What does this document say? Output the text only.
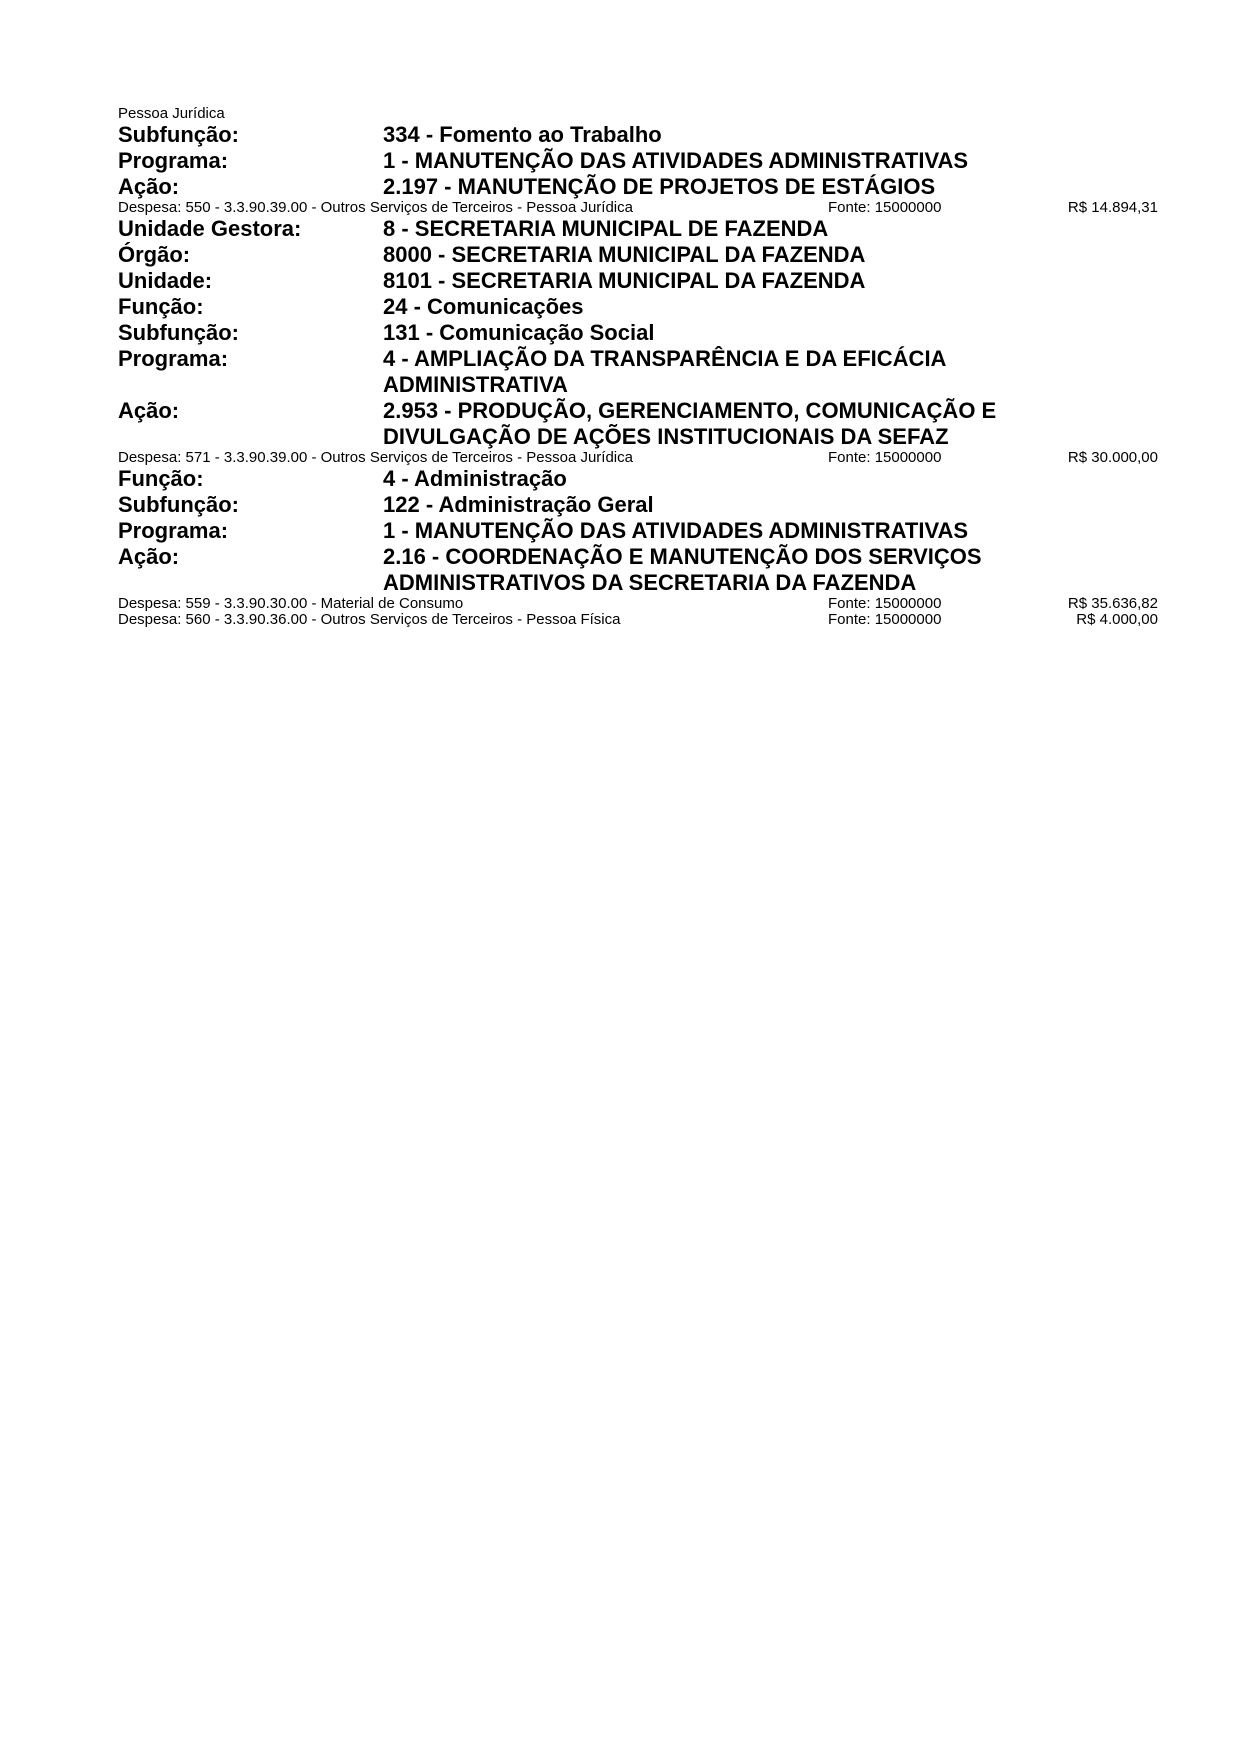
Pessoa Jurídica
Subfunção:	334 - Fomento ao Trabalho
Programa:	1 - MANUTENÇÃO DAS ATIVIDADES ADMINISTRATIVAS
Ação:	2.197 - MANUTENÇÃO DE PROJETOS DE ESTÁGIOS
Despesa: 550 - 3.3.90.39.00 - Outros Serviços de Terceiros - Pessoa Jurídica	Fonte: 15000000	R$ 14.894,31
Unidade Gestora:	8 - SECRETARIA MUNICIPAL DE FAZENDA
Órgão:	8000 - SECRETARIA MUNICIPAL DA FAZENDA
Unidade:	8101 - SECRETARIA MUNICIPAL DA FAZENDA
Função:	24 - Comunicações
Subfunção:	131 - Comunicação Social
Programa:	4 - AMPLIAÇÃO DA TRANSPARÊNCIA E DA EFICÁCIA ADMINISTRATIVA
Ação:	2.953 - PRODUÇÃO, GERENCIAMENTO, COMUNICAÇÃO E DIVULGAÇÃO DE AÇÕES INSTITUCIONAIS DA SEFAZ
Despesa: 571 - 3.3.90.39.00 - Outros Serviços de Terceiros - Pessoa Jurídica	Fonte: 15000000	R$ 30.000,00
Função:	4 - Administração
Subfunção:	122 - Administração Geral
Programa:	1 - MANUTENÇÃO DAS ATIVIDADES ADMINISTRATIVAS
Ação:	2.16 - COORDENAÇÃO E MANUTENÇÃO DOS SERVIÇOS ADMINISTRATIVOS DA SECRETARIA DA FAZENDA
Despesa: 559 - 3.3.90.30.00 - Material de Consumo	Fonte: 15000000	R$ 35.636,82
Despesa: 560 - 3.3.90.36.00 - Outros Serviços de Terceiros - Pessoa Física	Fonte: 15000000	R$ 4.000,00
